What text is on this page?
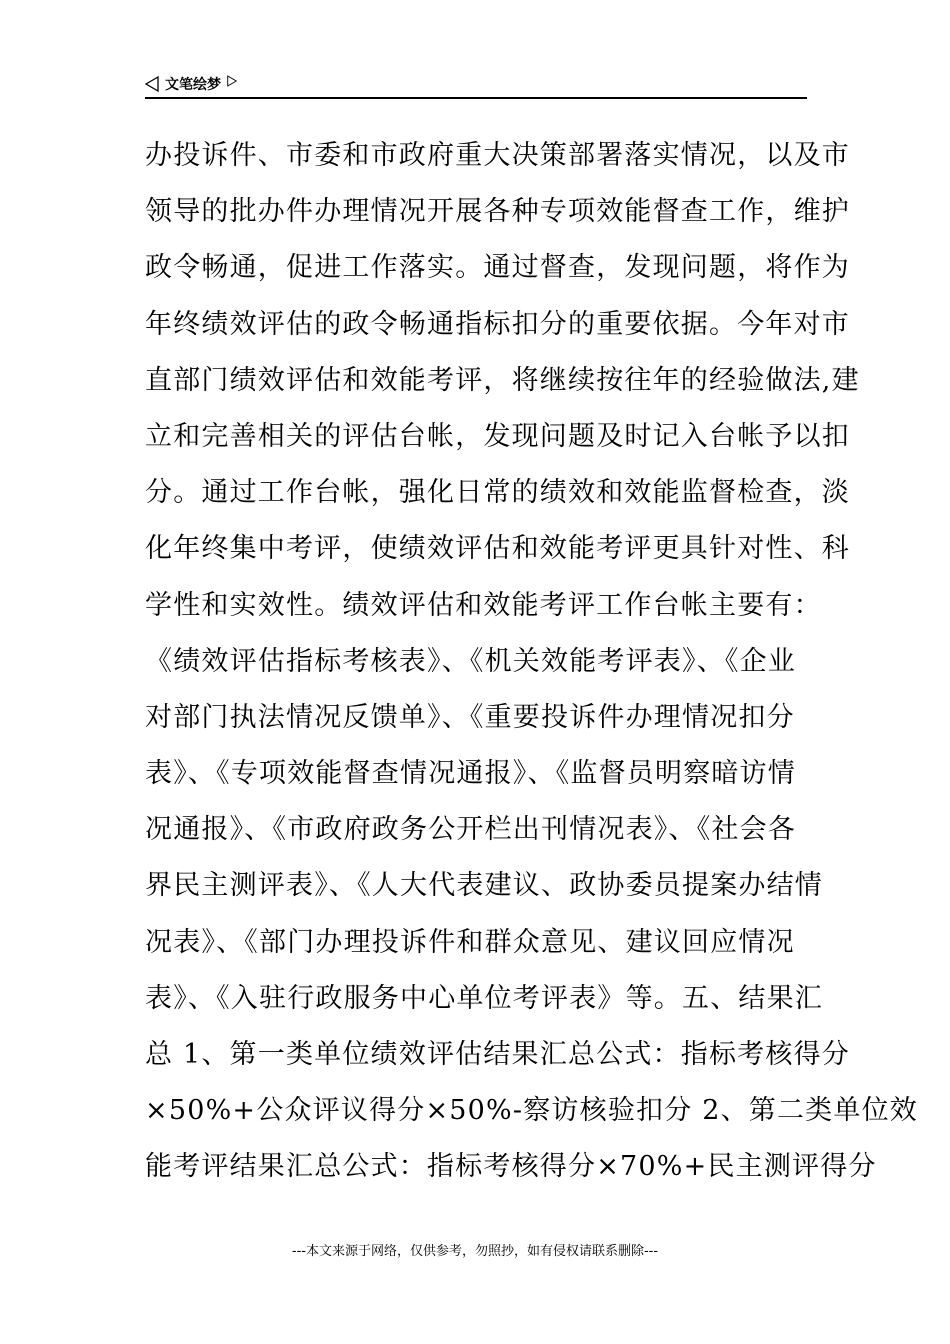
文笔绘梦
办投诉件、市委和市政府重大决策部署落实情况，以及市
领导的批办件办理情况开展各种专项效能督查工作，维护
政令畅通，促进工作落实。通过督查，发现问题，将作为
年终绩效评估的政令畅通指标扣分的重要依据。今年对市
直部门绩效评估和效能考评，将继续按往年的经验做法,建
立和完善相关的评估台帐，发现问题及时记入台帐予以扣
分。通过工作台帐，强化日常的绩效和效能监督检查，淡
化年终集中考评，使绩效评估和效能考评更具针对性、科
学性和实效性。绩效评估和效能考评工作台帐主要有：
《绩效评估指标考核表》、《机关效能考评表》、《企业
对部门执法情况反馈单》、《重要投诉件办理情况扣分
表》、《专项效能督查情况通报》、《监督员明察暗访情
况通报》、《市政府政务公开栏出刊情况表》、《社会各
界民主测评表》、《人大代表建议、政协委员提案办结情
况表》、《部门办理投诉件和群众意见、建议回应情况
表》、《入驻行政服务中心单位考评表》等。五、结果汇
总 1、第一类单位绩效评估结果汇总公式：指标考核得分
×50%+公众评议得分×50%-察访核验扣分 2、第二类单位效
能考评结果汇总公式：指标考核得分×70%+民主测评得分
---本文来源于网络，仅供参考，勿照抄，如有侵权请联系删除---
